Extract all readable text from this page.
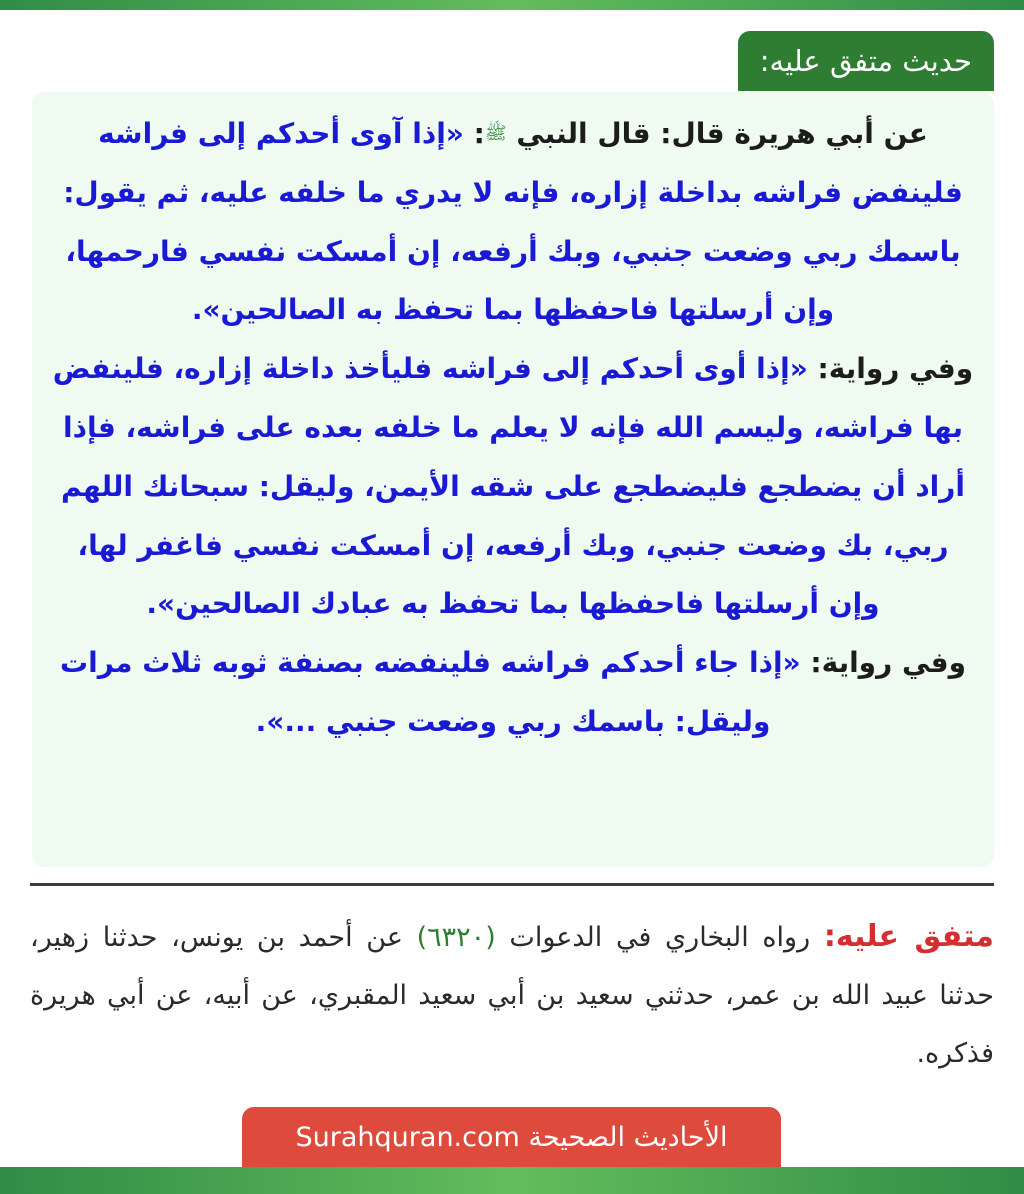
حديث متفق عليه:
عن أبي هريرة قال: قال النبي ﷺ: «إذا آوى أحدكم إلى فراشه فلينفض فراشه بداخلة إزاره، فإنه لا يدري ما خلفه عليه، ثم يقول: باسمك ربي وضعت جنبي، وبك أرفعه، إن أمسكت نفسي فارحمها، وإن أرسلتها فاحفظها بما تحفظ به الصالحين».
وفي رواية: «إذا أوى أحدكم إلى فراشه فليأخذ داخلة إزاره، فلينفض بها فراشه، وليسم الله فإنه لا يعلم ما خلفه بعده على فراشه، فإذا أراد أن يضطجع فليضطجع على شقه الأيمن، وليقل: سبحانك اللهم ربي، بك وضعت جنبي، وبك أرفعه، إن أمسكت نفسي فاغفر لها، وإن أرسلتها فاحفظها بما تحفظ به عبادك الصالحين».
وفي رواية: «إذا جاء أحدكم فراشه فلينفضه بصنفة ثوبه ثلاث مرات وليقل: باسمك ربي وضعت جنبي ...».
متفق عليه: رواه البخاري في الدعوات (٦٣٢٠) عن أحمد بن يونس، حدثنا زهير، حدثنا عبيد الله بن عمر، حدثني سعيد بن أبي سعيد المقبري، عن أبيه، عن أبي هريرة فذكره.
الأحاديث الصحيحة Surahquran.com
